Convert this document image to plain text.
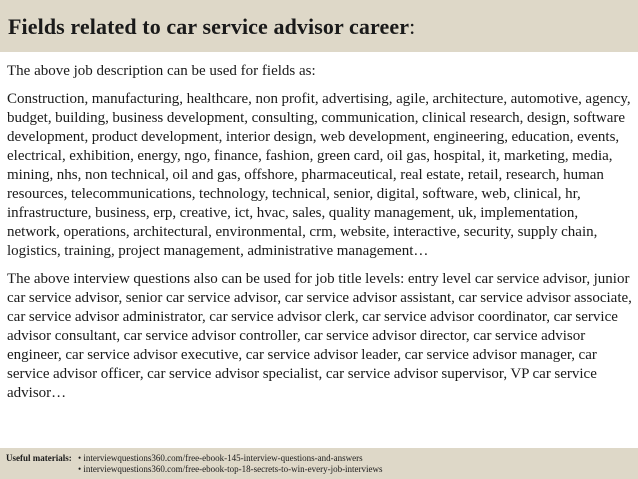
Fields related to car service advisor career:

The above job description can be used for fields as:

Construction, manufacturing, healthcare, non profit, advertising, agile, architecture, automotive, agency, budget, building, business development, consulting, communication, clinical research, design, software development, product development, interior design, web development, engineering, education, events, electrical, exhibition, energy, ngo, finance, fashion, green card, oil gas, hospital, it, marketing, media, mining, nhs, non technical, oil and gas, offshore, pharmaceutical, real estate, retail, research, human resources, telecommunications, technology, technical, senior, digital, software, web, clinical, hr, infrastructure, business, erp, creative, ict, hvac, sales, quality management, uk, implementation, network, operations, architectural, environmental, crm, website, interactive, security, supply chain, logistics, training, project management, administrative management…

The above interview questions also can be used for job title levels: entry level car service advisor, junior car service advisor, senior car service advisor, car service advisor assistant, car service advisor associate, car service advisor administrator, car service advisor clerk, car service advisor coordinator, car service advisor consultant, car service advisor controller, car service advisor director, car service advisor engineer, car service advisor executive, car service advisor leader, car service advisor manager, car service advisor officer, car service advisor specialist, car service advisor supervisor, VP car service advisor…

Useful materials: • interviewquestions360.com/free-ebook-145-interview-questions-and-answers
• interviewquestions360.com/free-ebook-top-18-secrets-to-win-every-job-interviews
